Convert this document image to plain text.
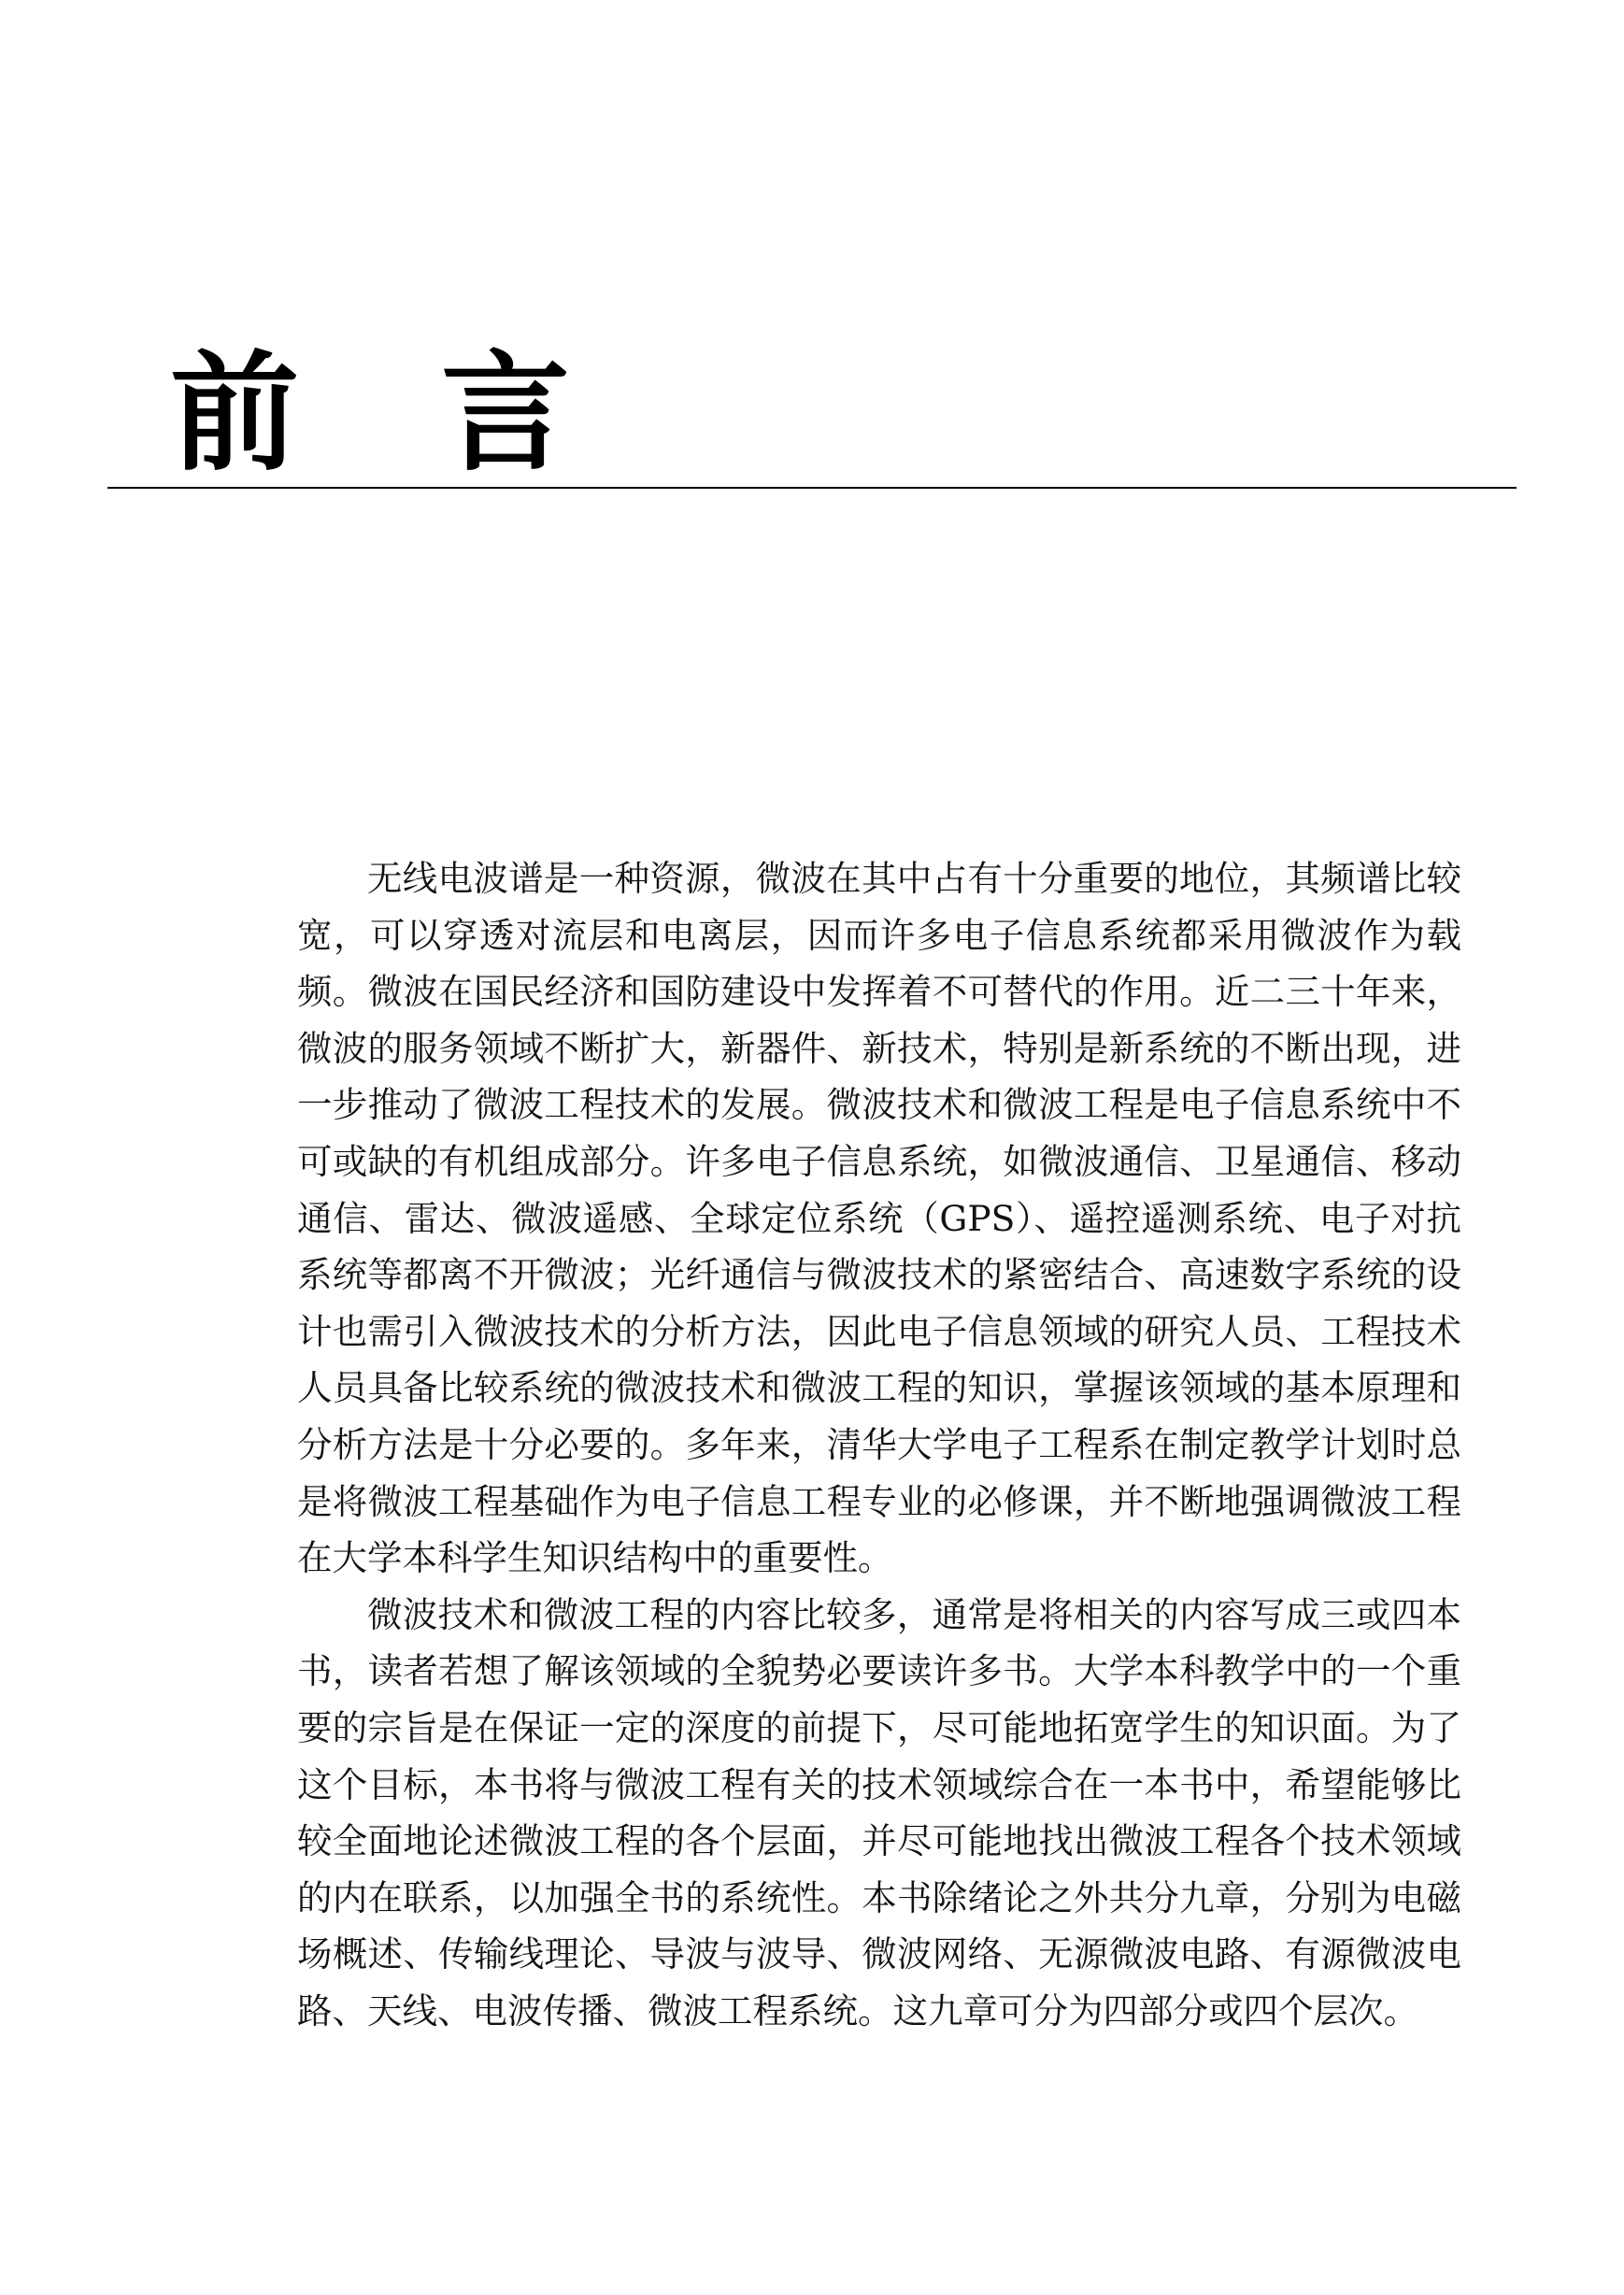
前 言

无线电波谱是一种资源，微波在其中占有十分重要的地位，其频谱比较宽，可以穿透对流层和电离层，因而许多电子信息系统都采用微波作为载频。微波在国民经济和国防建设中发挥着不可替代的作用。近二三十年来，微波的服务领域不断扩大，新器件、新技术，特别是新系统的不断出现，进一步推动了微波工程技术的发展。微波技术和微波工程是电子信息系统中不可或缺的有机组成部分。许多电子信息系统，如微波通信、卫星通信、移动通信、雷达、微波遥感、全球定位系统（GPS）、遥控遥测系统、电子对抗系统等都离不开微波；光纤通信与微波技术的紧密结合、高速数字系统的设计也需引入微波技术的分析方法，因此电子信息领域的研究人员、工程技术人员具备比较系统的微波技术和微波工程的知识，掌握该领域的基本原理和分析方法是十分必要的。多年来，清华大学电子工程系在制定教学计划时总是将微波工程基础作为电子信息工程专业的必修课，并不断地强调微波工程在大学本科学生知识结构中的重要性。

微波技术和微波工程的内容比较多，通常是将相关的内容写成三或四本书，读者若想了解该领域的全貌势必要读许多书。大学本科教学中的一个重要的宗旨是在保证一定的深度的前提下，尽可能地拓宽学生的知识面。为了这个目标，本书将与微波工程有关的技术领域综合在一本书中，希望能够比较全面地论述微波工程的各个层面，并尽可能地找出微波工程各个技术领域的内在联系，以加强全书的系统性。本书除绪论之外共分九章，分别为电磁场概述、传输线理论、导波与波导、微波网络、无源微波电路、有源微波电路、天线、电波传播、微波工程系统。这九章可分为四部分或四个层次。
